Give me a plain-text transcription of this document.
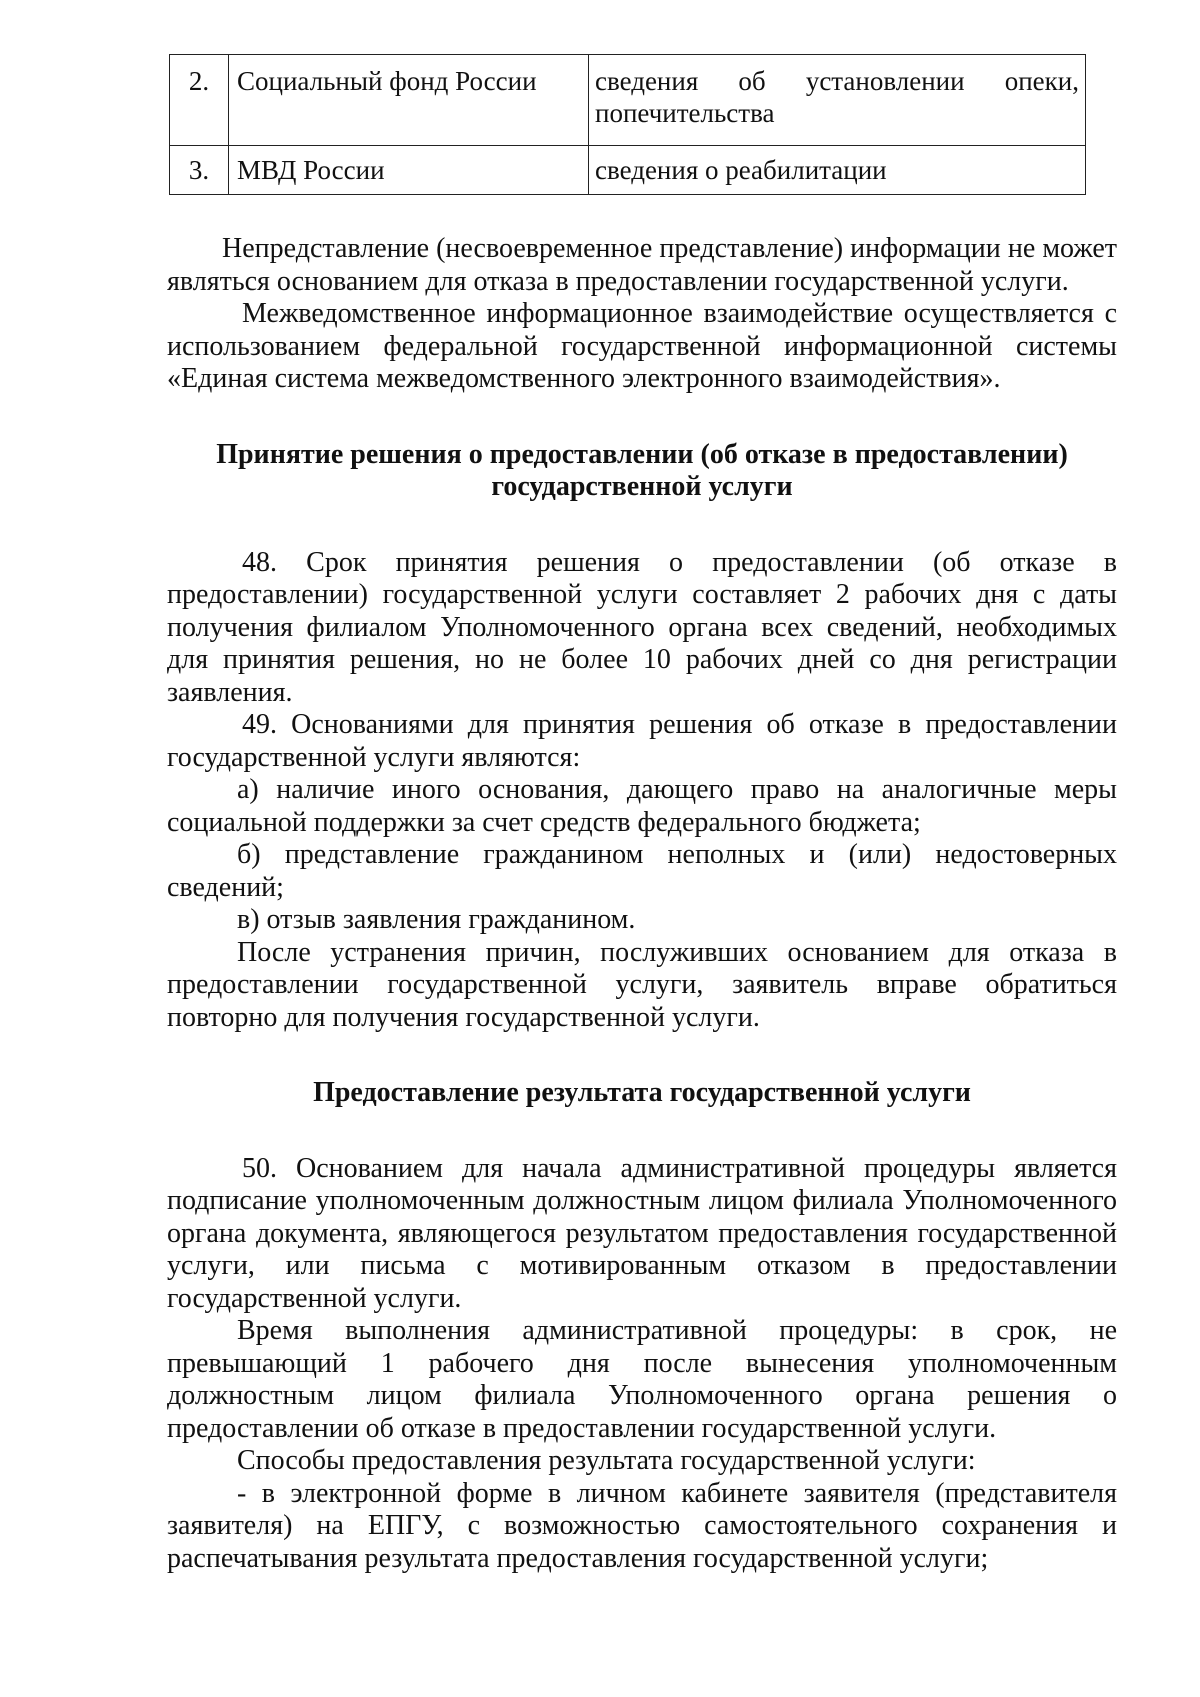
2.	Социальный фонд России	сведения об установлении опеки, попечительства
3.	МВД России	сведения о реабилитации

Непредставление (несвоевременное представление) информации не может являться основанием для отказа в предоставлении государственной услуги.

Межведомственное информационное взаимодействие осуществляется с использованием федеральной государственной информационной системы «Единая система межведомственного электронного взаимодействия».

Принятие решения о предоставлении (об отказе в предоставлении) государственной услуги

48. Срок принятия решения о предоставлении (об отказе в предоставлении) государственной услуги составляет 2 рабочих дня с даты получения филиалом Уполномоченного органа всех сведений, необходимых для принятия решения, но не более 10 рабочих дней со дня регистрации заявления.

49. Основаниями для принятия решения об отказе в предоставлении государственной услуги являются:

а) наличие иного основания, дающего право на аналогичные меры социальной поддержки за счет средств федерального бюджета;

б) представление гражданином неполных и (или) недостоверных сведений;

в) отзыв заявления гражданином.

После устранения причин, послуживших основанием для отказа в предоставлении государственной услуги, заявитель вправе обратиться повторно для получения государственной услуги.

Предоставление результата государственной услуги

50. Основанием для начала административной процедуры является подписание уполномоченным должностным лицом филиала Уполномоченного органа документа, являющегося результатом предоставления государственной услуги, или письма с мотивированным отказом в предоставлении государственной услуги.

Время выполнения административной процедуры: в срок, не превышающий 1 рабочего дня после вынесения уполномоченным должностным лицом филиала Уполномоченного органа решения о предоставлении об отказе в предоставлении государственной услуги.

Способы предоставления результата государственной услуги:

- в электронной форме в личном кабинете заявителя (представителя заявителя) на ЕПГУ, с возможностью самостоятельного сохранения и распечатывания результата предоставления государственной услуги;
